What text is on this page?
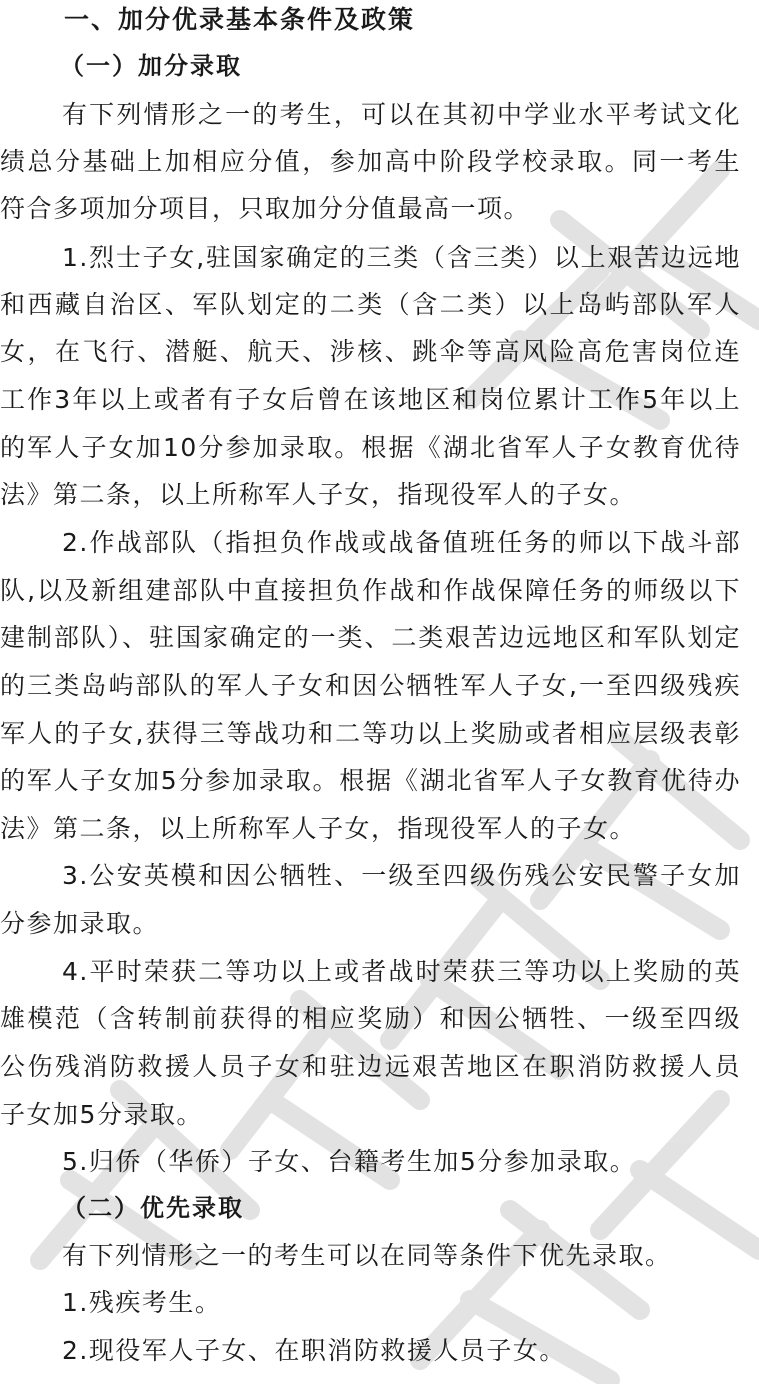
一、加分优录基本条件及政策
（一）加分录取
有下列情形之一的考生，可以在其初中学业水平考试文化
绩总分基础上加相应分值，参加高中阶段学校录取。同一考生
符合多项加分项目，只取加分分值最高一项。
1.烈士子女,驻国家确定的三类（含三类）以上艰苦边远地
和西藏自治区、军队划定的二类（含二类）以上岛屿部队军人
女，在飞行、潜艇、航天、涉核、跳伞等高风险高危害岗位连
工作3年以上或者有子女后曾在该地区和岗位累计工作5年以上
的军人子女加10分参加录取。根据《湖北省军人子女教育优待
法》第二条，以上所称军人子女，指现役军人的子女。
2.作战部队（指担负作战或战备值班任务的师以下战斗部
队,以及新组建部队中直接担负作战和作战保障任务的师级以下
建制部队）、驻国家确定的一类、二类艰苦边远地区和军队划定
的三类岛屿部队的军人子女和因公牺牲军人子女,一至四级残疾
军人的子女,获得三等战功和二等功以上奖励或者相应层级表彰
的军人子女加5分参加录取。根据《湖北省军人子女教育优待办
法》第二条，以上所称军人子女，指现役军人的子女。
3.公安英模和因公牺牲、一级至四级伤残公安民警子女加
分参加录取。
4.平时荣获二等功以上或者战时荣获三等功以上奖励的英
雄模范（含转制前获得的相应奖励）和因公牺牲、一级至四级
公伤残消防救援人员子女和驻边远艰苦地区在职消防救援人员
子女加5分录取。
5.归侨（华侨）子女、台籍考生加5分参加录取。
（二）优先录取
有下列情形之一的考生可以在同等条件下优先录取。
1.残疾考生。
2.现役军人子女、在职消防救援人员子女。
